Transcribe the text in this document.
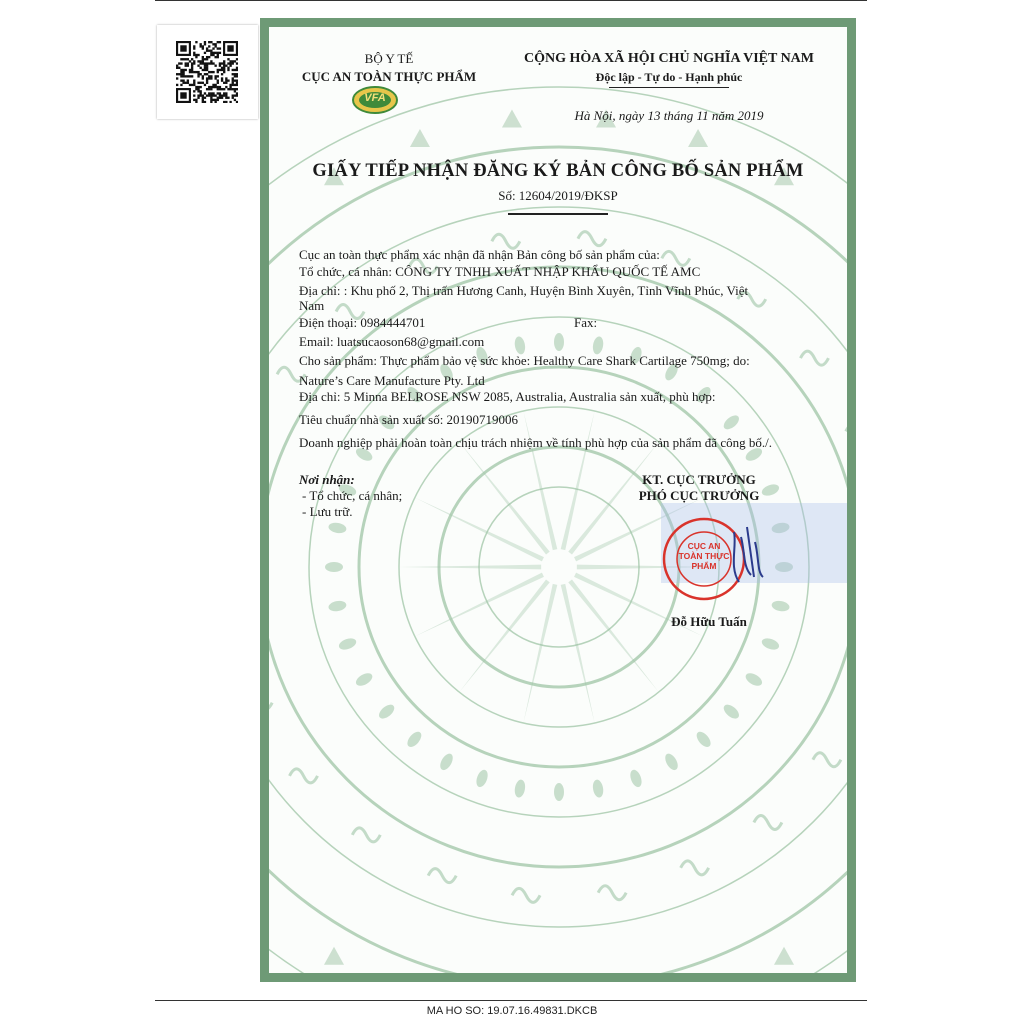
BỘ Y TẾ
CỤC AN TOÀN THỰC PHẨM
VFA
CỘNG HÒA XÃ HỘI CHỦ NGHĨA VIỆT NAM
Độc lập - Tự do - Hạnh phúc
Hà Nội, ngày 13 tháng 11 năm 2019
GIẤY TIẾP NHẬN ĐĂNG KÝ BẢN CÔNG BỐ SẢN PHẨM
Số: 12604/2019/ĐKSP
Cục an toàn thực phẩm xác nhận đã nhận Bản công bố sản phẩm của:
Tổ chức, cá nhân: CÔNG TY TNHH XUẤT NHẬP KHẨU QUỐC TẾ AMC
Địa chỉ: : Khu phố 2, Thị trấn Hương Canh, Huyện Bình Xuyên, Tỉnh Vĩnh Phúc, Việt
Nam
Điện thoại: 0984444701	Fax:
Email: luatsucaoson68@gmail.com
Cho sản phẩm: Thực phẩm bảo vệ sức khỏe: Healthy Care Shark Cartilage 750mg; do:
Nature’s Care Manufacture Pty. Ltd
Địa chỉ: 5 Minna BELROSE NSW 2085, Australia, Australia sản xuất, phù hợp:
Tiêu chuẩn nhà sản xuất số: 20190719006
Doanh nghiệp phải hoàn toàn chịu trách nhiệm về tính phù hợp của sản phẩm đã công bố./.
Nơi nhận:
- Tổ chức, cá nhân;
- Lưu trữ.
KT. CỤC TRƯỞNG
PHÓ CỤC TRƯỞNG
CỤC AN TOÀN THỰC PHẨM
Đỗ Hữu Tuấn
MA HO SO: 19.07.16.49831.DKCB
